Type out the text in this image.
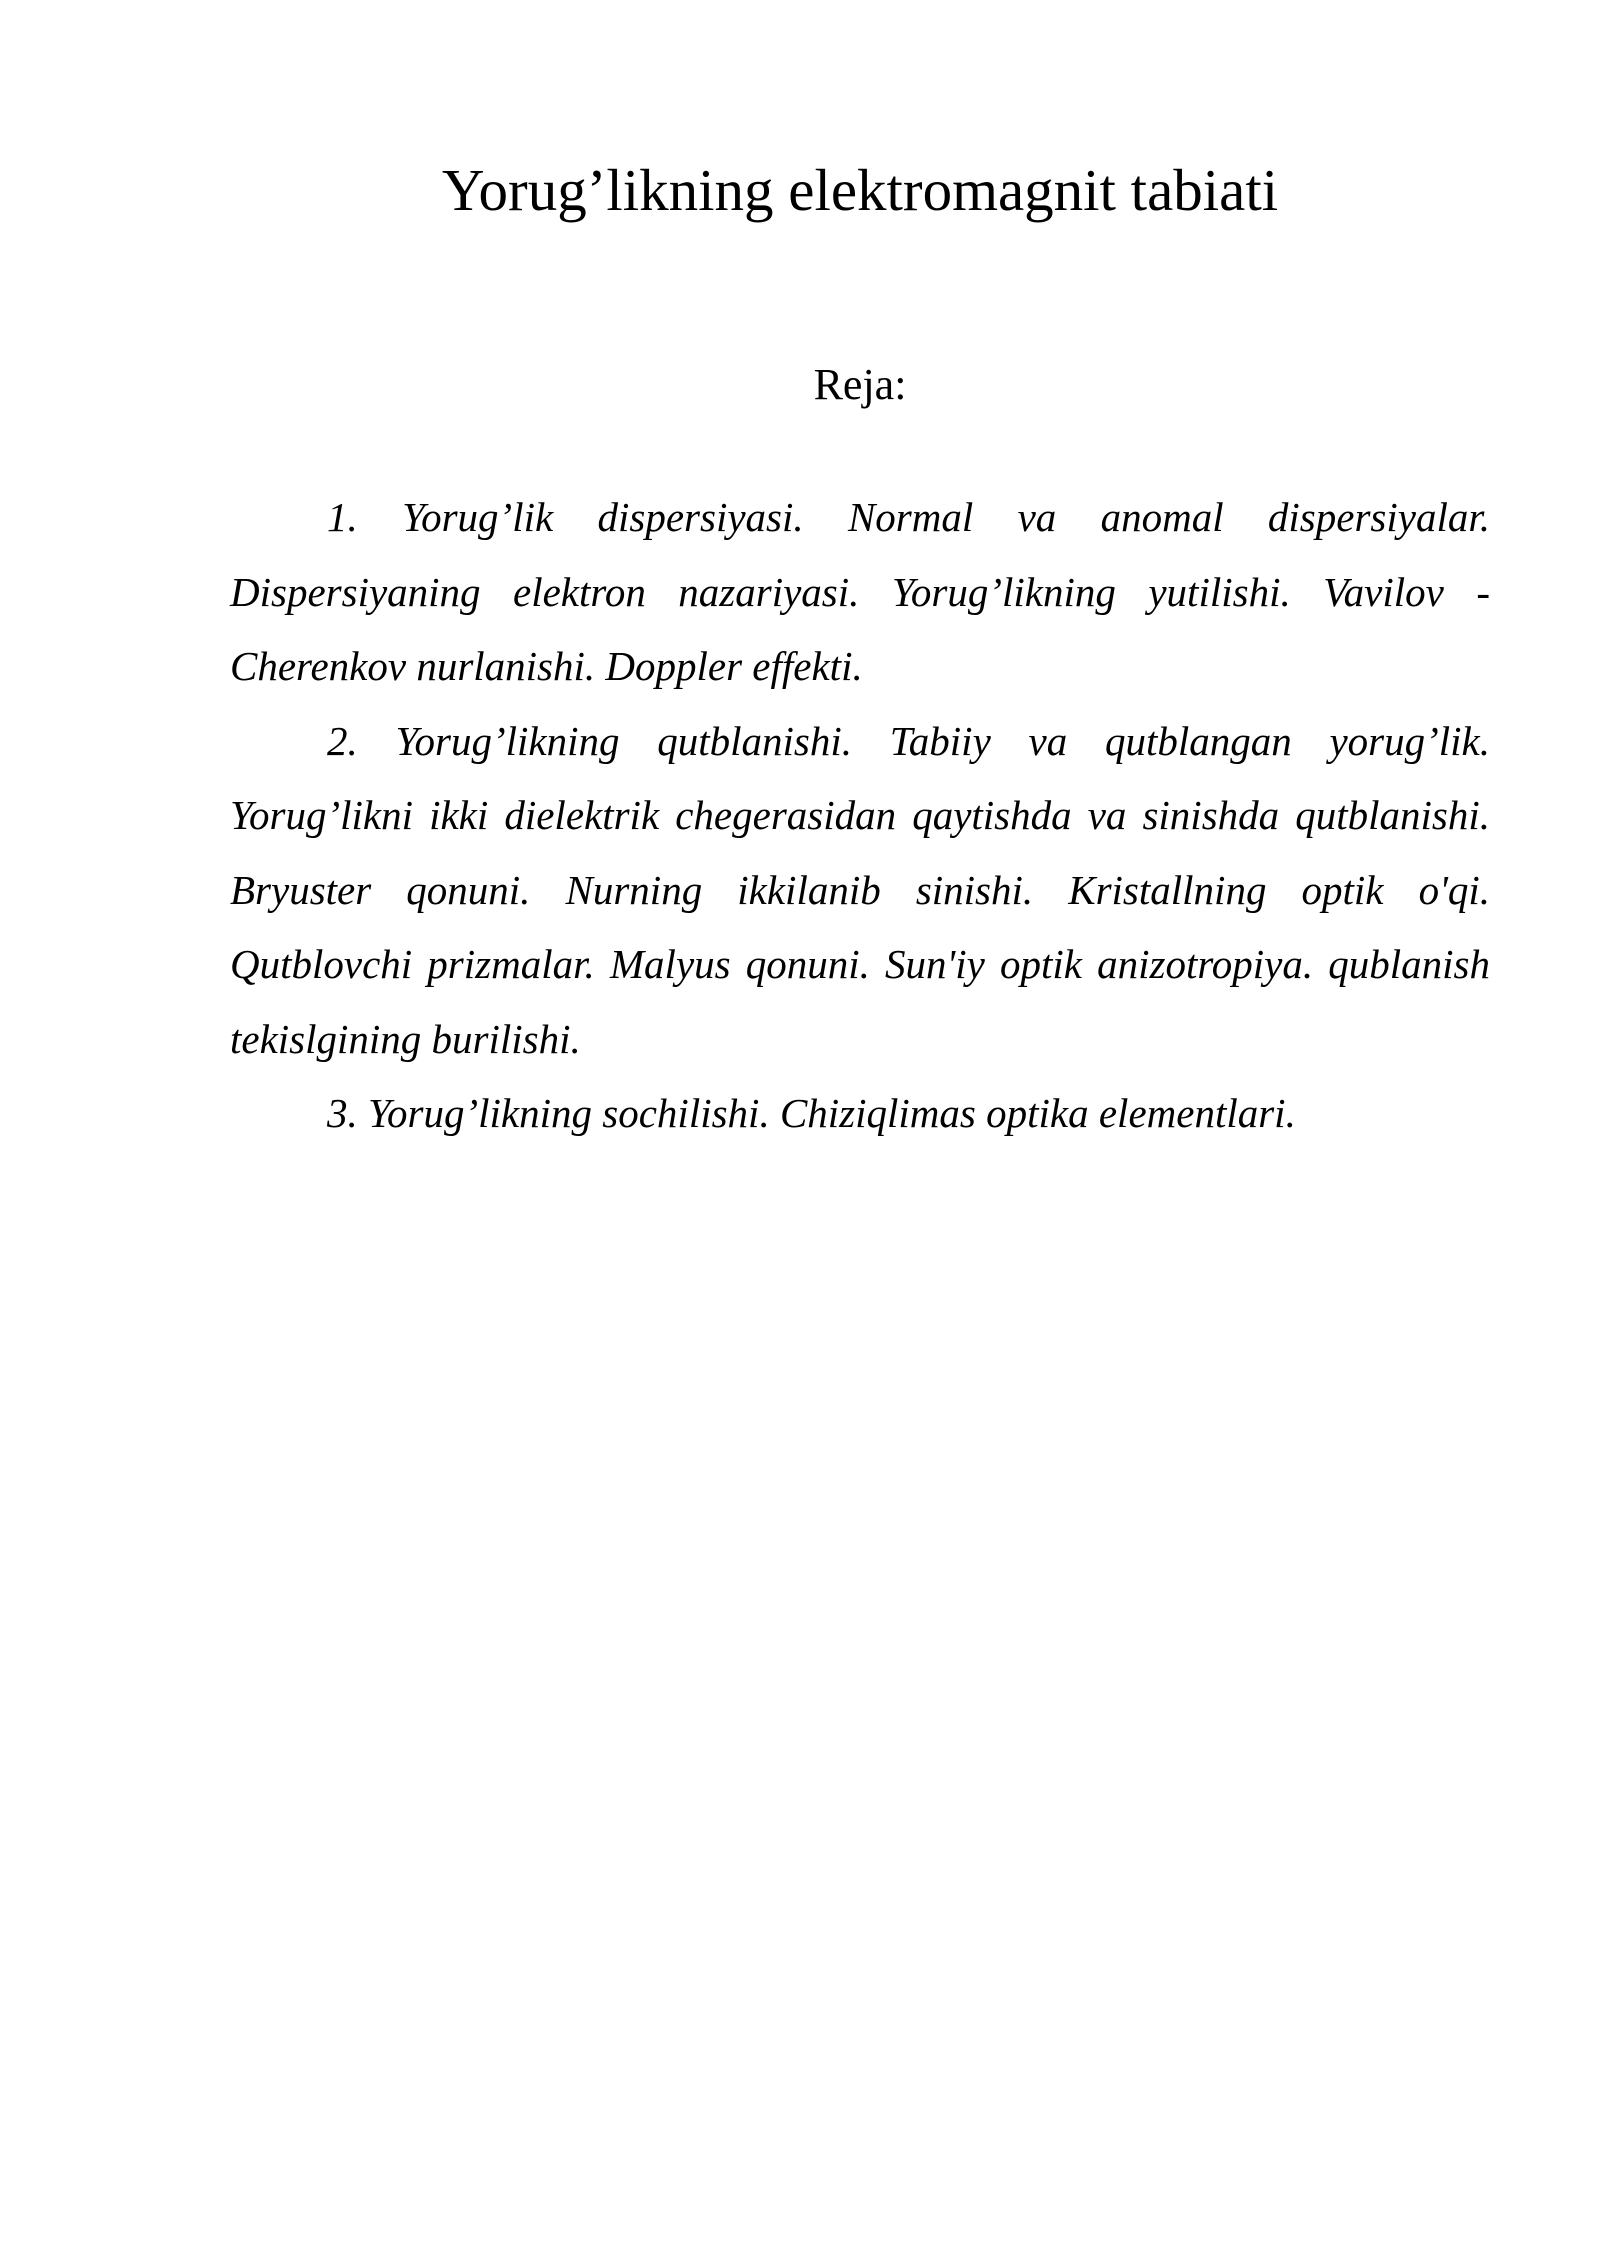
Yorug’likning elektromagnit tabiati
Reja:

1. Yorug’lik dispersiyasi. Normal va anomal dispersiyalar. Dispersiyaning elektron nazariyasi. Yorug’likning yutilishi. Vavilov - Cherenkov nurlanishi. Doppler effekti.

2. Yorug’likning qutblanishi. Tabiiy va qutblangan yorug’lik. Yorug’likni ikki dielektrik chegerasidan qaytishda va sinishda qutblanishi. Bryuster qonuni. Nurning ikkilanib sinishi. Kristallning optik o'qi. Qutblovchi prizmalar. Malyus qonuni. Sun'iy optik anizotropiya. qublanish tekislgining burilishi.

3. Yorug’likning sochilishi. Chiziqlimas optika elementlari.
